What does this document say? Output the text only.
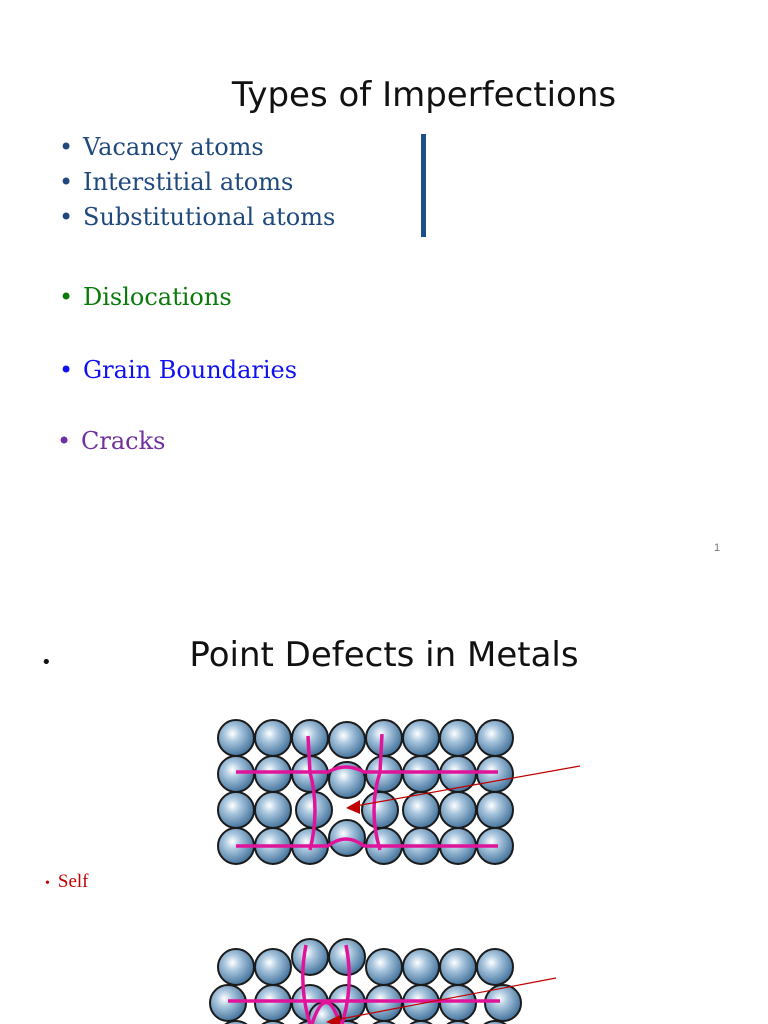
Types of Imperfections
• Vacancy atoms
• Interstitial atoms
• Substitutional atoms
• Dislocations
• Grain Boundaries
• Cracks
1
Point Defects in Metals
•
• Self
